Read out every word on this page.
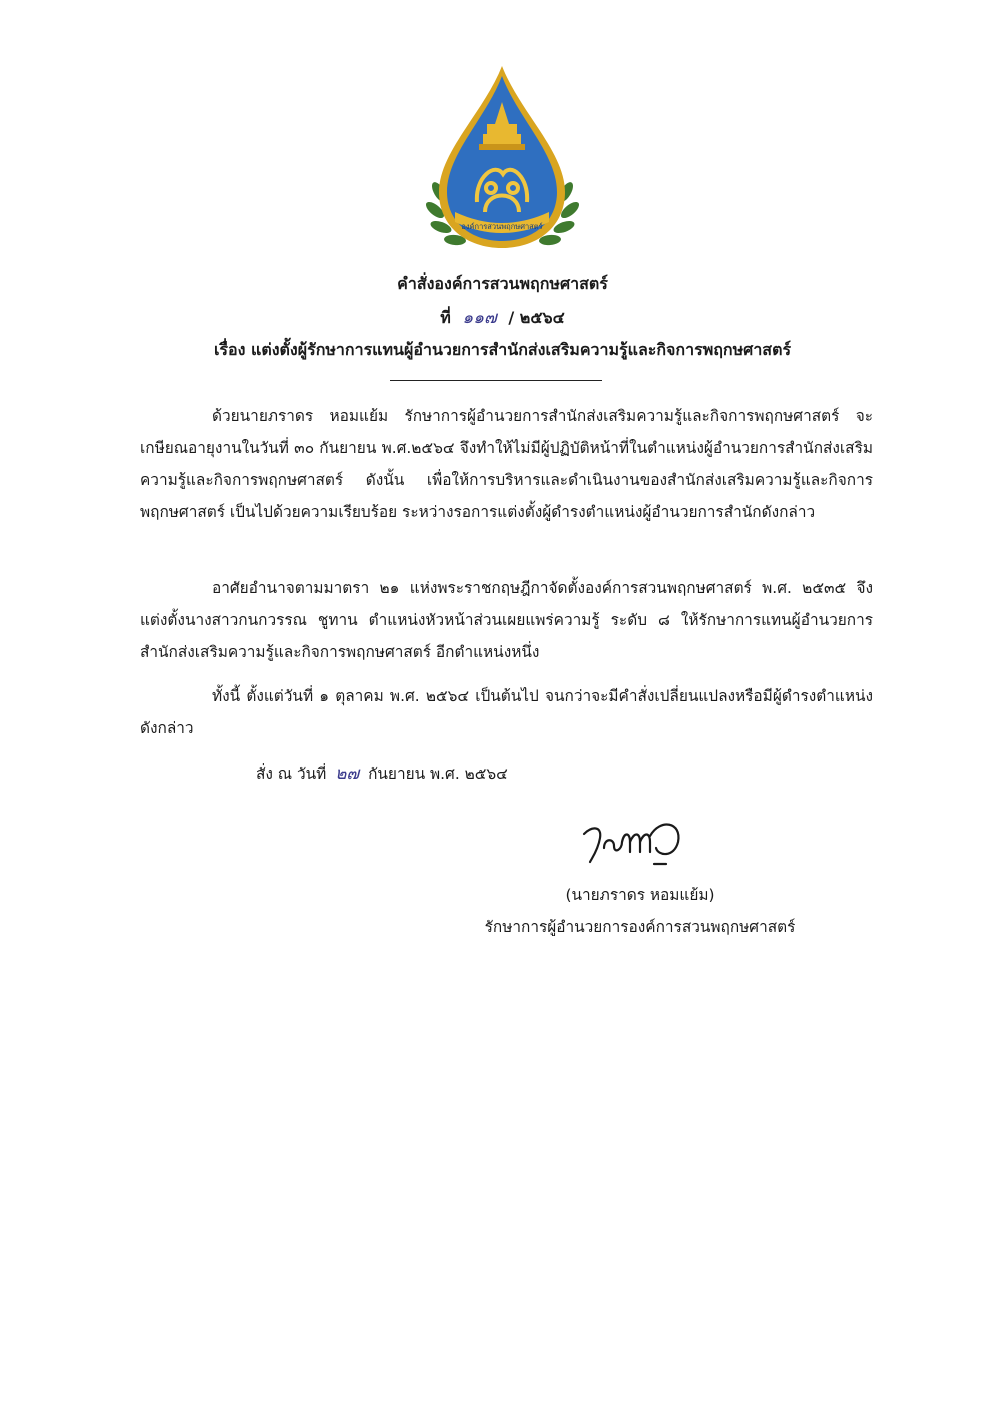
องค์การสวนพฤกษศาสตร์
คำสั่งองค์การสวนพฤกษศาสตร์
ที่ ๑๑๗ / ๒๕๖๔
เรื่อง แต่งตั้งผู้รักษาการแทนผู้อำนวยการสำนักส่งเสริมความรู้และกิจการพฤกษศาสตร์
ด้วยนายภราดร หอมแย้ม รักษาการผู้อำนวยการสำนักส่งเสริมความรู้และกิจการพฤกษศาสตร์ จะเกษียณอายุงานในวันที่ ๓๐ กันยายน พ.ศ.๒๕๖๔ จึงทำให้ไม่มีผู้ปฏิบัติหน้าที่ในตำแหน่งผู้อำนวยการสำนักส่งเสริมความรู้และกิจการพฤกษศาสตร์ ดังนั้น เพื่อให้การบริหารและดำเนินงานของสำนักส่งเสริมความรู้และกิจการพฤกษศาสตร์ เป็นไปด้วยความเรียบร้อย ระหว่างรอการแต่งตั้งผู้ดำรงตำแหน่งผู้อำนวยการสำนักดังกล่าว
อาศัยอำนาจตามมาตรา ๒๑ แห่งพระราชกฤษฎีกาจัดตั้งองค์การสวนพฤกษศาสตร์ พ.ศ. ๒๕๓๕ จึงแต่งตั้งนางสาวกนกวรรณ ชูทาน ตำแหน่งหัวหน้าส่วนเผยแพร่ความรู้ ระดับ ๘ ให้รักษาการแทนผู้อำนวยการสำนักส่งเสริมความรู้และกิจการพฤกษศาสตร์ อีกตำแหน่งหนึ่ง
ทั้งนี้ ตั้งแต่วันที่ ๑ ตุลาคม พ.ศ. ๒๕๖๔ เป็นต้นไป จนกว่าจะมีคำสั่งเปลี่ยนแปลงหรือมีผู้ดำรงตำแหน่งดังกล่าว
สั่ง ณ วันที่ ๒๗ กันยายน พ.ศ. ๒๕๖๔
(นายภราดร หอมแย้ม)
รักษาการผู้อำนวยการองค์การสวนพฤกษศาสตร์
